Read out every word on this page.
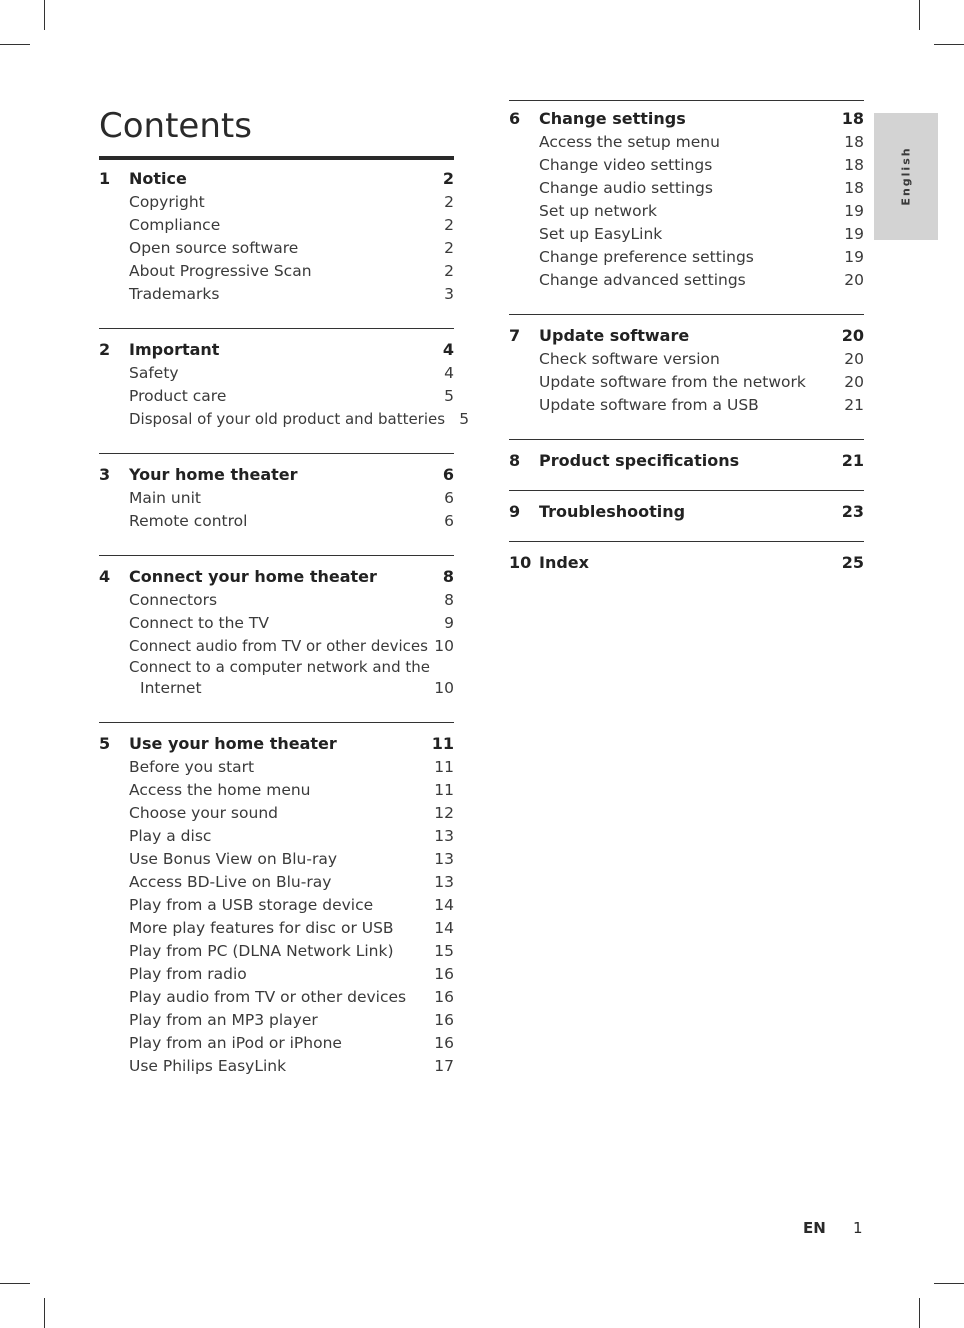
English
Contents
1	Notice	2
Copyright	2
Compliance	2
Open source software	2
About Progressive Scan	2
Trademarks	3
2	Important	4
Safety	4
Product care	5
Disposal of your old product and batteries 5
3	Your home theater	6
Main unit	6
Remote control	6
4	Connect your home theater	8
Connectors	8
Connect to the TV	9
Connect audio from TV or other devices 10
Connect to a computer network and the
Internet	10
5	Use your home theater	11
Before you start	11
Access the home menu	11
Choose your sound	12
Play a disc	13
Use Bonus View on Blu-ray	13
Access BD-Live on Blu-ray	13
Play from a USB storage device	14
More play features for disc or USB	14
Play from PC (DLNA Network Link)	15
Play from radio	16
Play audio from TV or other devices	16
Play from an MP3 player	16
Play from an iPod or iPhone	16
Use Philips EasyLink	17
6	Change settings	18
Access the setup menu	18
Change video settings	18
Change audio settings	18
Set up network	19
Set up EasyLink	19
Change preference settings	19
Change advanced settings	20
7	Update software	20
Check software version	20
Update software from the network	20
Update software from a USB	21
8	Product specifications	21
9	Troubleshooting	23
10 Index	25
EN 1
